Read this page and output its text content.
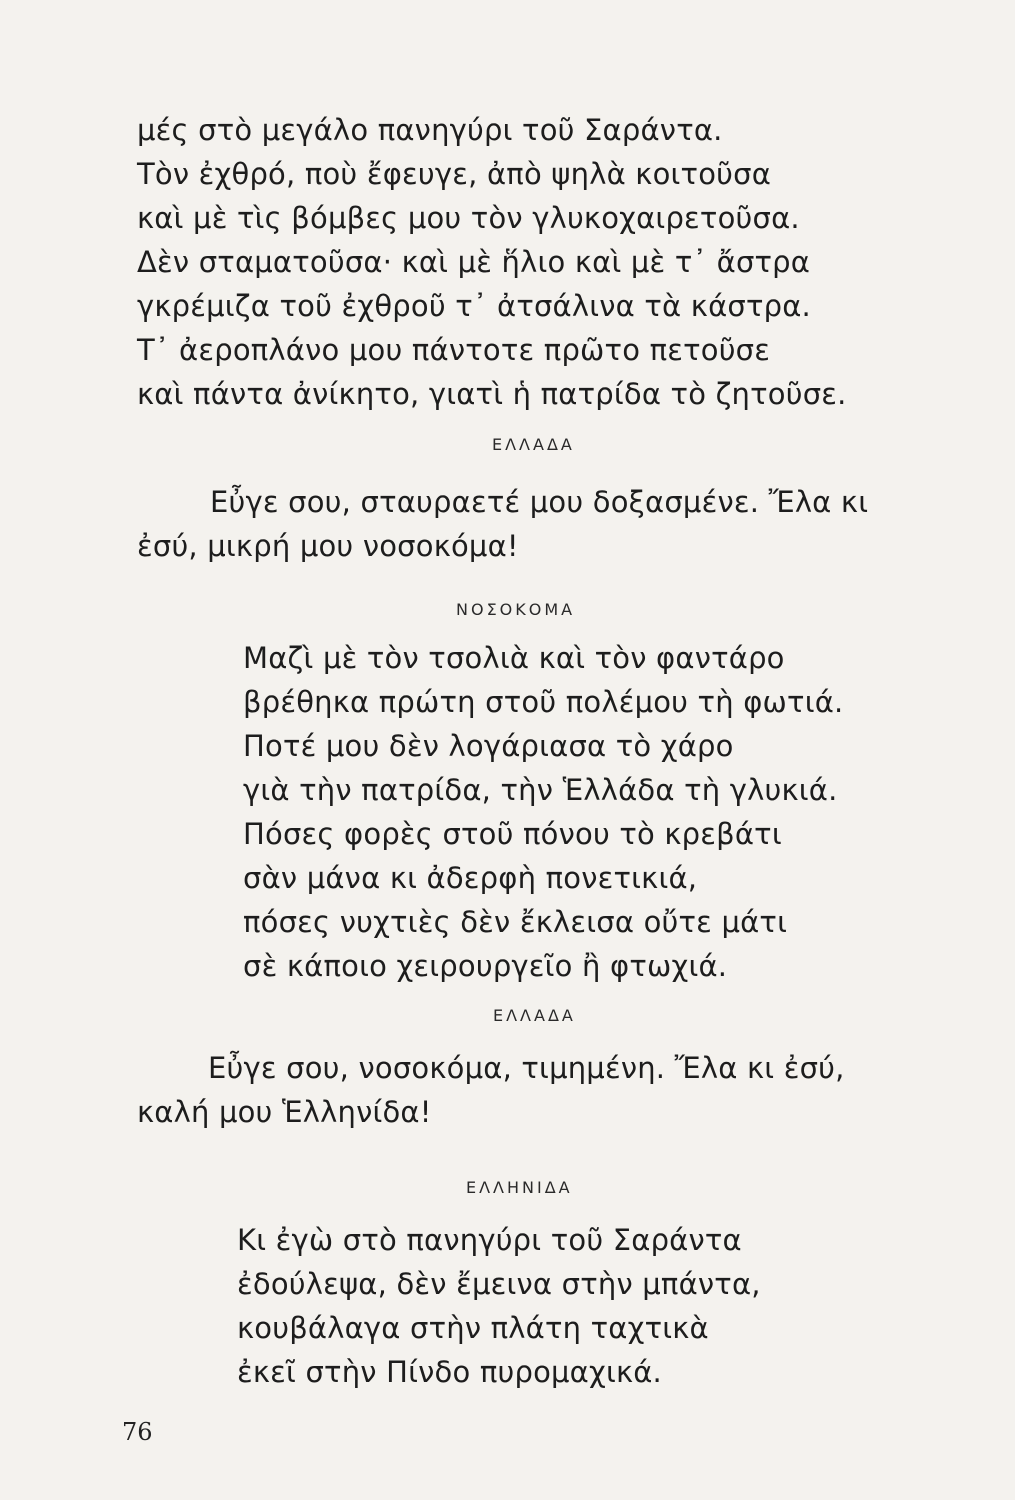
μές στὸ μεγάλο πανηγύρι τοῦ Σαράντα.
Τὸν ἐχθρό, ποὺ ἔφευγε, ἀπὸ ψηλὰ κοιτοῦσα
καὶ μὲ τὶς βόμβες μου τὸν γλυκοχαιρετοῦσα.
Δὲν σταματοῦσα· καὶ μὲ ἥλιο καὶ μὲ τ᾽ ἄστρα
γκρέμιζα τοῦ ἐχθροῦ τ᾽ ἀτσάλινα τὰ κάστρα.
Τ᾽ ἀεροπλάνο μου πάντοτε πρῶτο πετοῦσε
καὶ πάντα ἀνίκητο, γιατὶ ἡ πατρίδα τὸ ζητοῦσε.
ΕΛΛΑΔΑ
Εὖγε σου, σταυραετέ μου δοξασμένε. Ἔλα κι
ἐσύ, μικρή μου νοσοκόμα!
ΝΟΣΟΚΟΜΑ
Μαζὶ μὲ τὸν τσολιὰ καὶ τὸν φαντάρο
βρέθηκα πρώτη στοῦ πολέμου τὴ φωτιά.
Ποτέ μου δὲν λογάριασα τὸ χάρο
γιὰ τὴν πατρίδα, τὴν Ἑλλάδα τὴ γλυκιά.
Πόσες φορὲς στοῦ πόνου τὸ κρεβάτι
σὰν μάνα κι ἀδερφὴ πονετικιά,
πόσες νυχτιὲς δὲν ἔκλεισα οὔτε μάτι
σὲ κάποιο χειρουργεῖο ἢ φτωχιά.
ΕΛΛΑΔΑ
Εὖγε σου, νοσοκόμα, τιμημένη. Ἔλα κι ἐσύ,
καλή μου Ἑλληνίδα!
ΕΛΛΗΝΙΔΑ
Κι ἐγὼ στὸ πανηγύρι τοῦ Σαράντα
ἐδούλεψα, δὲν ἔμεινα στὴν μπάντα,
κουβάλαγα στὴν πλάτη ταχτικὰ
ἐκεῖ στὴν Πίνδο πυρομαχικά.
76
